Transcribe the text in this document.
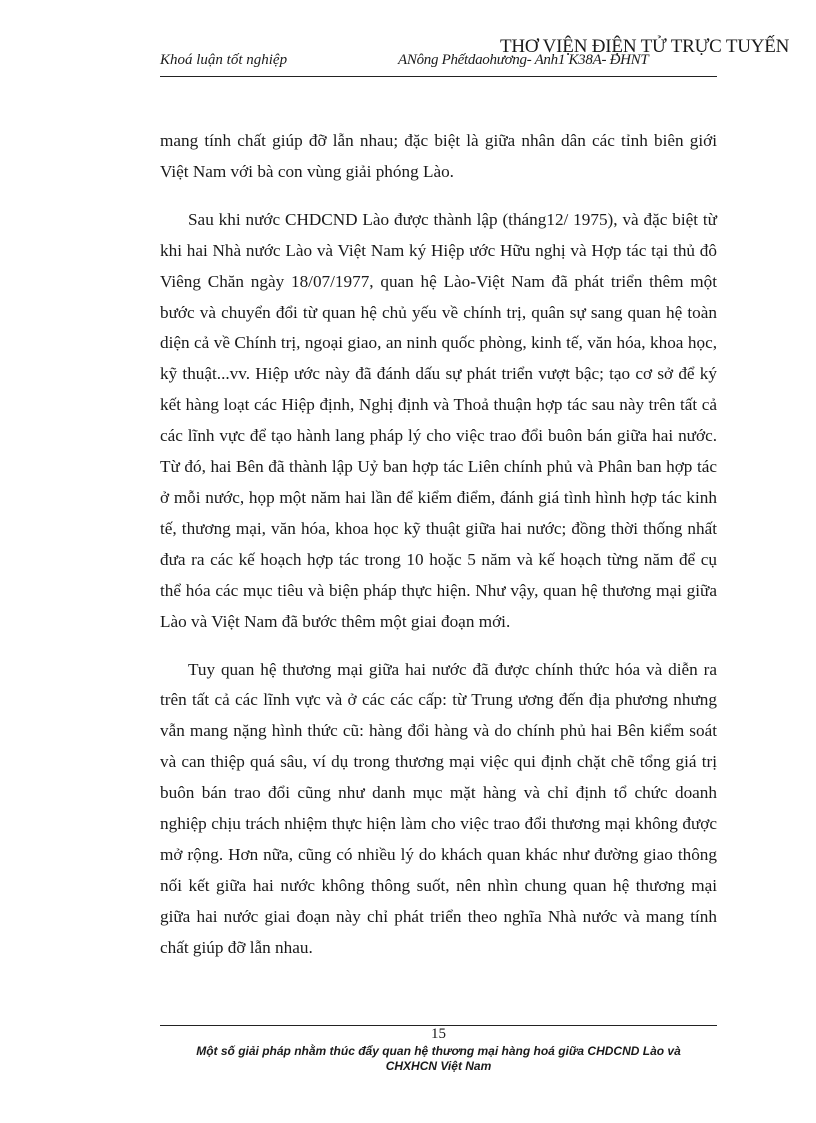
Khoá luận tốt nghiệp	ANông Phếtdaohương- Anh1 K38A- ĐHNT
THƠ VIỆN ĐIỆN TỬ TRỰC TUYẾN

mang tính chất giúp đỡ lẫn nhau; đặc biệt là giữa nhân dân các tỉnh biên giới Việt Nam với bà con vùng giải phóng Lào.

Sau khi nước CHDCND Lào được thành lập (tháng12/ 1975), và đặc biệt từ khi hai Nhà nước Lào và Việt Nam ký Hiệp ước Hữu nghị và Hợp tác tại thủ đô Viêng Chăn ngày 18/07/1977, quan hệ Lào-Việt Nam đã phát triển thêm một bước và chuyển đổi từ quan hệ chủ yếu về chính trị, quân sự sang quan hệ toàn diện cả về Chính trị, ngoại giao, an ninh quốc phòng, kinh tế, văn hóa, khoa học, kỹ thuật...vv. Hiệp ước này đã đánh dấu sự phát triển vượt bậc; tạo cơ sở để ký kết hàng loạt các Hiệp định, Nghị định và Thoả thuận hợp tác sau này trên tất cả các lĩnh vực để tạo hành lang pháp lý cho việc trao đổi buôn bán giữa hai nước. Từ đó, hai Bên đã thành lập Uỷ ban hợp tác Liên chính phủ và Phân ban hợp tác ở mỗi nước, họp một năm hai lần để kiểm điểm, đánh giá tình hình hợp tác kinh tế, thương mại, văn hóa, khoa học kỹ thuật giữa hai nước; đồng thời thống nhất đưa ra các kế hoạch hợp tác trong 10 hoặc 5 năm và kế hoạch từng năm để cụ thể hóa các mục tiêu và biện pháp thực hiện. Như vậy, quan hệ thương mại giữa Lào và Việt Nam đã bước thêm một giai đoạn mới.

Tuy quan hệ thương mại giữa hai nước đã được chính thức hóa và diễn ra trên tất cả các lĩnh vực và ở các các cấp: từ Trung ương đến địa phương nhưng vẫn mang nặng hình thức cũ: hàng đổi hàng và do chính phủ hai Bên kiểm soát và can thiệp quá sâu, ví dụ trong thương mại việc qui định chặt chẽ tổng giá trị buôn bán trao đổi cũng như danh mục mặt hàng và chỉ định tổ chức doanh nghiệp chịu trách nhiệm thực hiện làm cho việc trao đổi thương mại không được mở rộng. Hơn nữa, cũng có nhiều lý do khách quan khác như đường giao thông nối kết giữa hai nước không thông suốt, nên nhìn chung quan hệ thương mại giữa hai nước giai đoạn này chỉ phát triển theo nghĩa Nhà nước và mang tính chất giúp đỡ lẫn nhau.

15
Một số giải pháp nhằm thúc đẩy quan hệ thương mại hàng hoá giữa CHDCND Lào và
CHXHCN Việt Nam
